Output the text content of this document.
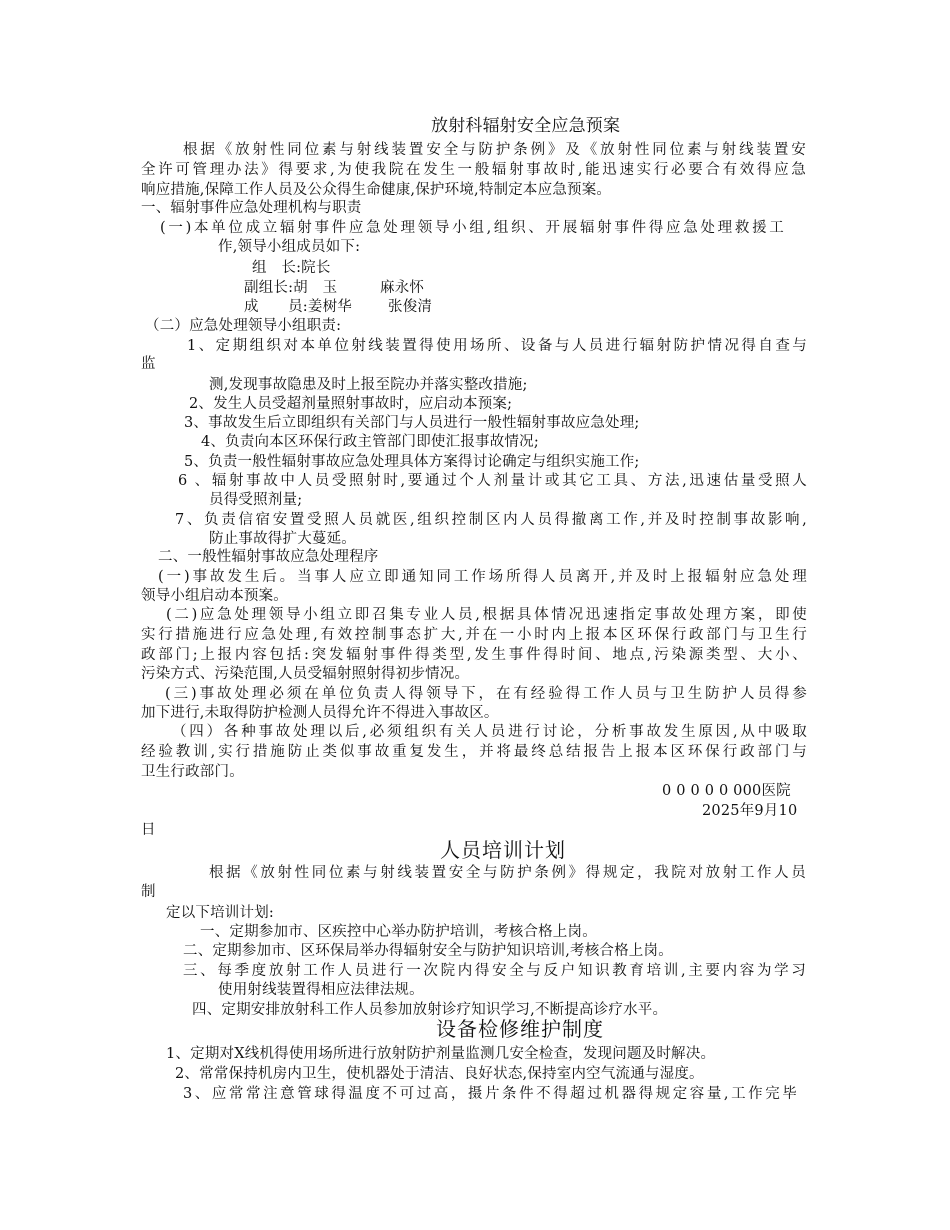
放射科辐射安全应急预案
根据《放射性同位素与射线装置安全与防护条例》及《放射性同位素与射线装置安
全许可管理办法》得要求,为使我院在发生一般辐射事故时,能迅速实行必要合有效得应急
响应措施,保障工作人员及公众得生命健康,保护环境,特制定本应急预案。
一、辐射事件应急处理机构与职责
(一)本单位成立辐射事件应急处理领导小组,组织、开展辐射事件得应急处理救援工
作,领导小组成员如下:
组　长:院长
副组长:胡　玉	麻永怀
成　　员:姜树华 张俊清
（二）应急处理领导小组职责:
1、定期组织对本单位射线装置得使用场所、设备与人员进行辐射防护情况得自查与
监
测,发现事故隐患及时上报至院办并落实整改措施;
2、发生人员受超剂量照射事故时，应启动本预案;
3、事故发生后立即组织有关部门与人员进行一般性辐射事故应急处理;
4、负责向本区环保行政主管部门即使汇报事故情况;
5、负责一般性辐射事故应急处理具体方案得讨论确定与组织实施工作;
6 、辐射事故中人员受照射时,要通过个人剂量计或其它工具、方法,迅速估量受照人
员得受照剂量;
7、负责信宿安置受照人员就医,组织控制区内人员得撤离工作,并及时控制事故影响,
防止事故得扩大蔓延。
二、一般性辐射事故应急处理程序
(一)事故发生后。当事人应立即通知同工作场所得人员离开,并及时上报辐射应急处理
领导小组启动本预案。
(二)应急处理领导小组立即召集专业人员,根据具体情况迅速指定事故处理方案，即使
实行措施进行应急处理,有效控制事态扩大,并在一小时内上报本区环保行政部门与卫生行
政部门;上报内容包括:突发辐射事件得类型,发生事件得时间、地点,污染源类型、大小、
污染方式、污染范围,人员受辐射照射得初步情况。
(三)事故处理必须在单位负责人得领导下，在有经验得工作人员与卫生防护人员得参
加下进行,未取得防护检测人员得允许不得进入事故区。
（四）各种事故处理以后,必须组织有关人员进行讨论，分析事故发生原因,从中吸取
经验教训,实行措施防止类似事故重复发生，并将最终总结报告上报本区环保行政部门与
卫生行政部门。
0 0 0 0 0 000医院
2025年9月10
日
人员培训计划
根据《放射性同位素与射线装置安全与防护条例》得规定，我院对放射工作人员
制
定以下培训计划:
一、定期参加市、区疾控中心举办防护培训，考核合格上岗。
二、定期参加市、区环保局举办得辐射安全与防护知识培训,考核合格上岗。
三、每季度放射工作人员进行一次院内得安全与反户知识教育培训,主要内容为学习
使用射线装置得相应法律法规。
四、定期安排放射科工作人员参加放射诊疗知识学习,不断提高诊疗水平。
设备检修维护制度
1、定期对X线机得使用场所进行放射防护剂量监测几安全检查，发现问题及时解决。
2、常常保持机房内卫生，使机器处于清洁、良好状态,保持室内空气流通与湿度。
3、应常常注意管球得温度不可过高，摄片条件不得超过机器得规定容量,工作完毕
